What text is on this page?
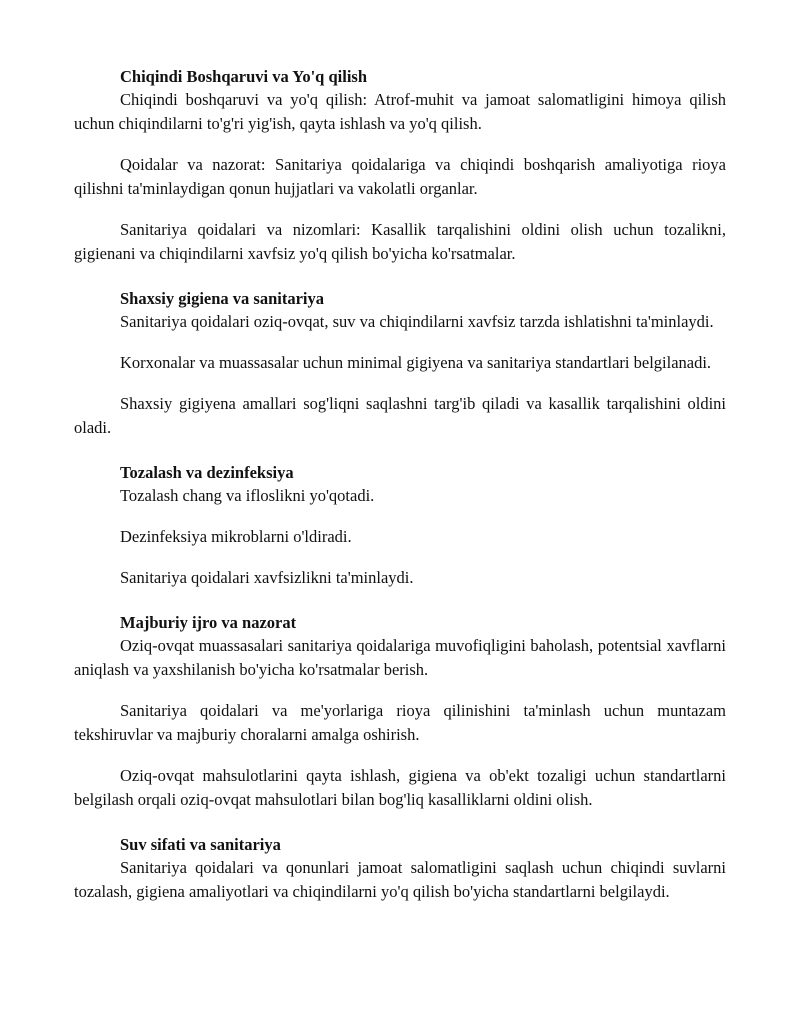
Chiqindi Boshqaruvi va Yo'q qilish

Chiqindi boshqaruvi va yo'q qilish: Atrof-muhit va jamoat salomatligini himoya qilish uchun chiqindilarni to'g'ri yig'ish, qayta ishlash va yo'q qilish.

Qoidalar va nazorat: Sanitariya qoidalariga va chiqindi boshqarish amaliyotiga rioya qilishni ta'minlaydigan qonun hujjatlari va vakolatli organlar.

Sanitariya qoidalari va nizomlari: Kasallik tarqalishini oldini olish uchun tozalikni, gigienani va chiqindilarni xavfsiz yo'q qilish bo'yicha ko'rsatmalar.

Shaxsiy gigiena va sanitariya

Sanitariya qoidalari oziq-ovqat, suv va chiqindilarni xavfsiz tarzda ishlatishni ta'minlaydi.

Korxonalar va muassasalar uchun minimal gigiyena va sanitariya standartlari belgilanadi.

Shaxsiy gigiyena amallari sog'liqni saqlashni targ'ib qiladi va kasallik tarqalishini oldini oladi.

Tozalash va dezinfeksiya

Tozalash chang va ifloslikni yo'qotadi.

Dezinfeksiya mikroblarni o'ldiradi.

Sanitariya qoidalari xavfsizlikni ta'minlaydi.

Majburiy ijro va nazorat

Oziq-ovqat muassasalari sanitariya qoidalariga muvofiqligini baholash, potentsial xavflarni aniqlash va yaxshilanish bo'yicha ko'rsatmalar berish.

Sanitariya qoidalari va me'yorlariga rioya qilinishini ta'minlash uchun muntazam tekshiruvlar va majburiy choralarni amalga oshirish.

Oziq-ovqat mahsulotlarini qayta ishlash, gigiena va ob'ekt tozaligi uchun standartlarni belgilash orqali oziq-ovqat mahsulotlari bilan bog'liq kasalliklarni oldini olish.

Suv sifati va sanitariya

Sanitariya qoidalari va qonunlari jamoat salomatligini saqlash uchun chiqindi suvlarni tozalash, gigiena amaliyotlari va chiqindilarni yo'q qilish bo'yicha standartlarni belgilaydi.
